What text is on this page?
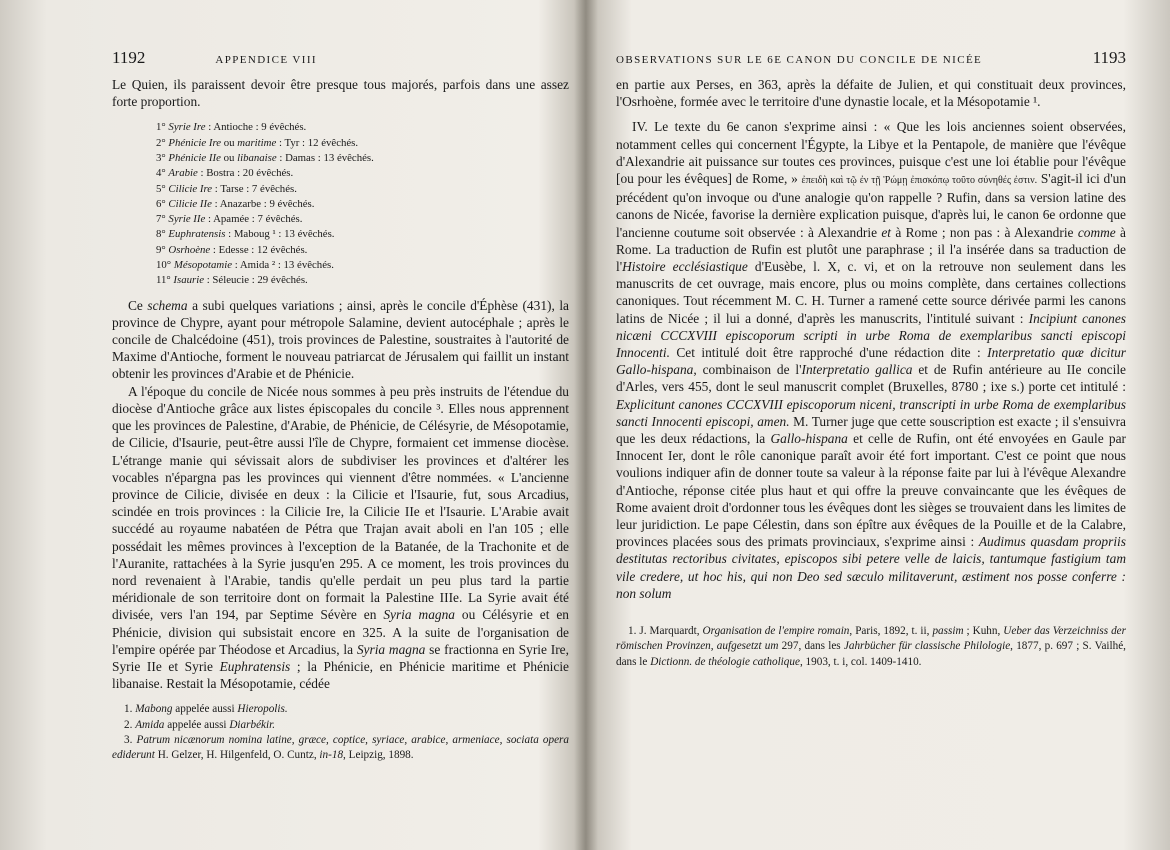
1192	APPENDICE VIII

Le Quien, ils paraissent devoir être presque tous majorés, parfois dans une assez forte proportion.

1° Syrie Ire : Antioche : 9 évêchés.
2° Phénicie Ire ou maritime : Tyr : 12 évêchés.
3° Phénicie IIe ou libanaise : Damas : 13 évêchés.
4° Arabie : Bostra : 20 évêchés.
5° Cilicie Ire : Tarse : 7 évêchés.
6° Cilicie IIe : Anazarbe : 9 évêchés.
7° Syrie IIe : Apamée : 7 évêchés.
8° Euphratensis : Maboug ¹ : 13 évêchés.
9° Osrhoène : Edesse : 12 évêchés.
10° Mésopotamie : Amida ² : 13 évêchés.
11° Isaurie : Séleucie : 29 évêchés.

Ce schema a subi quelques variations ; ainsi, après le concile d'Éphèse (431), la province de Chypre, ayant pour métropole Salamine, devient autocéphale ; après le concile de Chalcédoine (451), trois provinces de Palestine, soustraites à l'autorité de Maxime d'Antioche, forment le nouveau patriarcat de Jérusalem qui faillit un instant obtenir les provinces d'Arabie et de Phénicie.

A l'époque du concile de Nicée nous sommes à peu près instruits de l'étendue du diocèse d'Antioche grâce aux listes épiscopales du concile ³. Elles nous apprennent que les provinces de Palestine, d'Arabie, de Phénicie, de Célésyrie, de Mésopotamie, de Cilicie, d'Isaurie, peut-être aussi l'île de Chypre, formaient cet immense diocèse. L'étrange manie qui sévissait alors de subdiviser les provinces et d'altérer les vocables n'épargna pas les provinces qui viennent d'être nommées. « L'ancienne province de Cilicie, divisée en deux : la Cilicie et l'Isaurie, fut, sous Arcadius, scindée en trois provinces : la Cilicie Ire, la Cilicie IIe et l'Isaurie. L'Arabie avait succédé au royaume nabatéen de Pétra que Trajan avait aboli en l'an 105 ; elle possédait les mêmes provinces à l'exception de la Batanée, de la Trachonite et de l'Auranite, rattachées à la Syrie jusqu'en 295. A ce moment, les trois provinces du nord revenaient à l'Arabie, tandis qu'elle perdait un peu plus tard la partie méridionale de son territoire dont on formait la Palestine IIIe. La Syrie avait été divisée, vers l'an 194, par Septime Sévère en Syria magna ou Célésyrie et en Phénicie, division qui subsistait encore en 325. A la suite de l'organisation de l'empire opérée par Théodose et Arcadius, la Syria magna se fractionna en Syrie Ire, Syrie IIe et Syrie Euphratensis ; la Phénicie, en Phénicie maritime et Phénicie libanaise. Restait la Mésopotamie, cédée

1. Mabong appelée aussi Hieropolis.
2. Amida appelée aussi Diarbékir.
3. Patrum nicænorum nomina latine, græce, coptice, syriace, arabice, armeniace, sociata opera ediderunt H. Gelzer, H. Hilgenfeld, O. Cuntz, in-18, Leipzig, 1898.
OBSERVATIONS SUR LE 6E CANON DU CONCILE DE NICÉE	1193

en partie aux Perses, en 363, après la défaite de Julien, et qui constituait deux provinces, l'Osrhoène, formée avec le territoire d'une dynastie locale, et la Mésopotamie ¹.

IV. Le texte du 6e canon s'exprime ainsi : « Que les lois anciennes soient observées, notamment celles qui concernent l'Égypte, la Libye et la Pentapole, de manière que l'évêque d'Alexandrie ait puissance sur toutes ces provinces, puisque c'est une loi établie pour l'évêque [ou pour les évêques] de Rome, » ἐπειδὴ καὶ τῷ ἐν τῇ Ῥώμῃ ἐπισκόπῳ τοῦτο σύνηθές ἐστιν. S'agit-il ici d'un précédent qu'on invoque ou d'une analogie qu'on rappelle ? Rufin, dans sa version latine des canons de Nicée, favorise la dernière explication puisque, d'après lui, le canon 6e ordonne que l'ancienne coutume soit observée : à Alexandrie et à Rome ; non pas : à Alexandrie comme à Rome. La traduction de Rufin est plutôt une paraphrase ; il l'a insérée dans sa traduction de l'Histoire ecclésiastique d'Eusèbe, l. X, c. vi, et on la retrouve non seulement dans les manuscrits de cet ouvrage, mais encore, plus ou moins complète, dans certaines collections canoniques. Tout récemment M. C. H. Turner a ramené cette source dérivée parmi les canons latins de Nicée ; il lui a donné, d'après les manuscrits, l'intitulé suivant : Incipiunt canones nicæni CCCXVIII episcoporum scripti in urbe Roma de exemplaribus sancti episcopi Innocenti. Cet intitulé doit être rapproché d'une rédaction dite : Interpretatio quæ dicitur Gallo-hispana, combinaison de l'Interpretatio gallica et de Rufin antérieure au IIe concile d'Arles, vers 455, dont le seul manuscrit complet (Bruxelles, 8780 ; ixe s.) porte cet intitulé : Explicitunt canones CCCXVIII episcoporum niceni, transcripti in urbe Roma de exemplaribus sancti Innocenti episcopi, amen. M. Turner juge que cette souscription est exacte ; il s'ensuivra que les deux rédactions, la Gallo-hispana et celle de Rufin, ont été envoyées en Gaule par Innocent Ier, dont le rôle canonique paraît avoir été fort important. C'est ce point que nous voulions indiquer afin de donner toute sa valeur à la réponse faite par lui à l'évêque Alexandre d'Antioche, réponse citée plus haut et qui offre la preuve convaincante que les évêques de Rome avaient droit d'ordonner tous les évêques dont les sièges se trouvaient dans les limites de leur juridiction. Le pape Célestin, dans son épître aux évêques de la Pouille et de la Calabre, provinces placées sous des primats provinciaux, s'exprime ainsi : Audimus quasdam propriis destitutas rectoribus civitates, episcopos sibi petere velle de laicis, tantumque fastigium tam vile credere, ut hoc his, qui non Deo sed sæculo militaverunt, æstiment nos posse conferre : non solum

1. J. Marquardt, Organisation de l'empire romain, Paris, 1892, t. ii, passim ; Kuhn, Ueber das Verzeichniss der römischen Provinzen, aufgesetzt um 297, dans les Jahrbücher für classische Philologie, 1877, p. 697 ; S. Vailhé, dans le Dictionn. de théologie catholique, 1903, t. i, col. 1409-1410.
